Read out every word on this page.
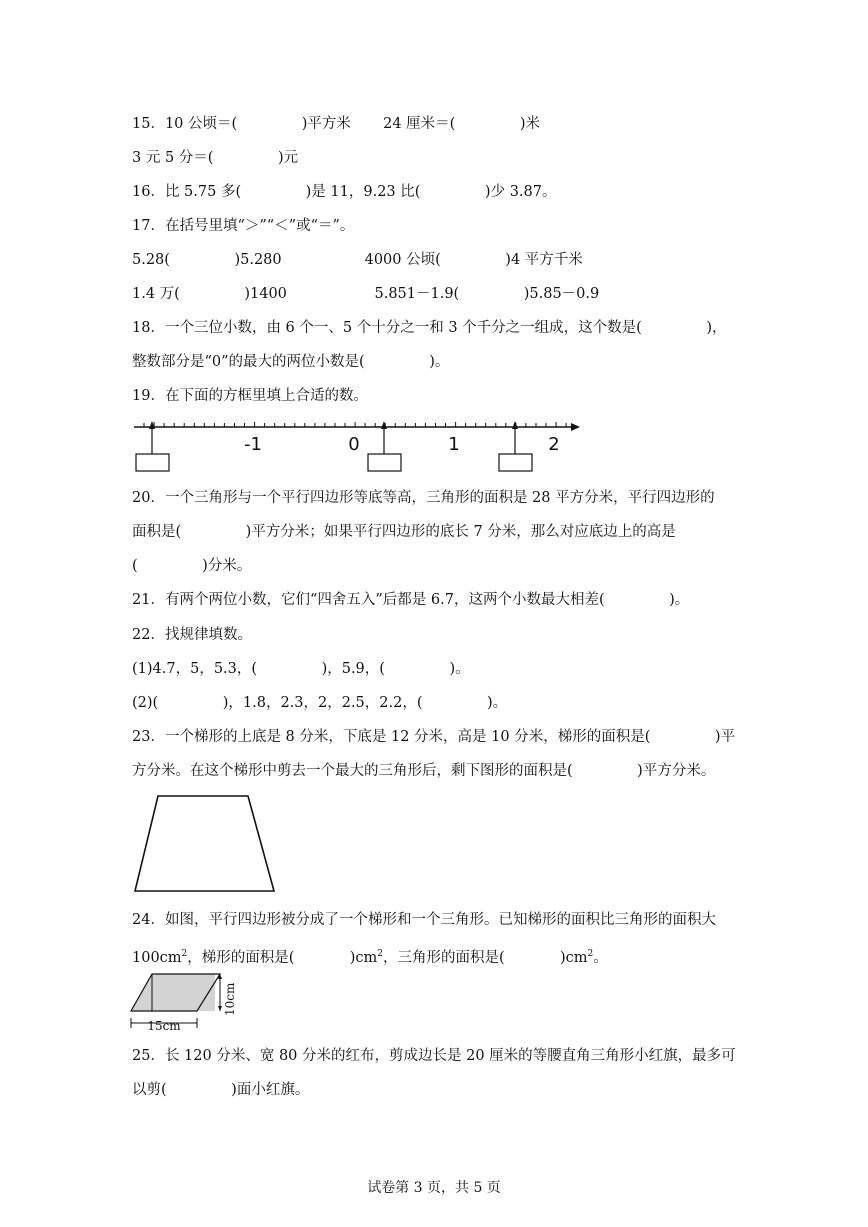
15．10 公顷＝(              )平方米       24 厘米＝(              )米
3 元 5 分＝(              )元
16．比 5.75 多(              )是 11，9.23 比(              )少 3.87。
17．在括号里填“＞”“＜”或“＝”。
5.28(              )5.280                  4000 公顷(              )4 平方千米
1.4 万(              )1400                   5.851－1.9(              )5.85－0.9
18．一个三位小数，由 6 个一、5 个十分之一和 3 个千分之一组成，这个数是(              )，
整数部分是“0”的最大的两位小数是(              )。
19．在下面的方框里填上合适的数。
-1	0	1	2
20．一个三角形与一个平行四边形等底等高，三角形的面积是 28 平方分米，平行四边形的
面积是(              )平方分米；如果平行四边形的底长 7 分米，那么对应底边上的高是
(              )分米。
21．有两个两位小数，它们“四舍五入”后都是 6.7，这两个小数最大相差(              )。
22．找规律填数。
(1)4.7，5，5.3，(              )，5.9，(              )。
(2)(              )，1.8，2.3，2，2.5，2.2，(              )。
23．一个梯形的上底是 8 分米，下底是 12 分米，高是 10 分米，梯形的面积是(              )平
方分米。在这个梯形中剪去一个最大的三角形后，剩下图形的面积是(              )平方分米。
24．如图，平行四边形被分成了一个梯形和一个三角形。已知梯形的面积比三角形的面积大
$100cm^2$，梯形的面积是(            )$cm^2$，三角形的面积是(            )$cm^2$。
15cm
10cm
25．长 120 分米、宽 80 分米的红布，剪成边长是 20 厘米的等腰直角三角形小红旗，最多可
以剪(              )面小红旗。
试卷第 3 页，共 5 页
